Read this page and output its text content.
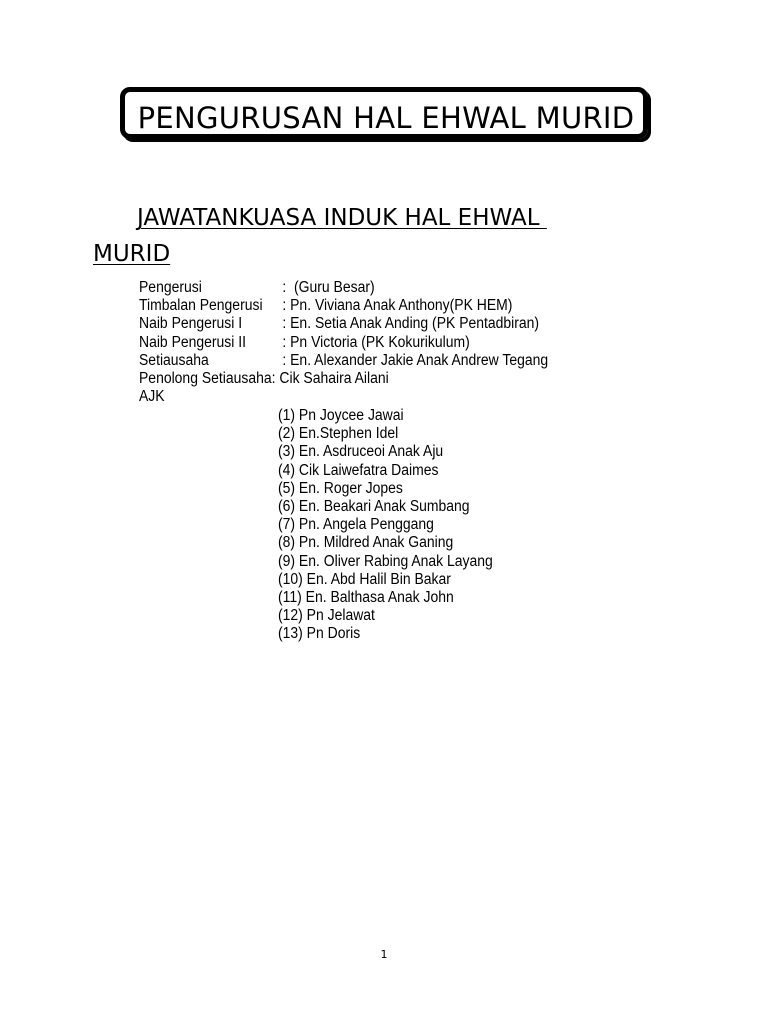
PENGURUSAN HAL EHWAL MURID
JAWATANKUASA INDUK HAL EHWAL
MURID
Pengerusi	: (Guru Besar)
Timbalan Pengerusi	: Pn. Viviana Anak Anthony(PK HEM)
Naib Pengerusi I	: En. Setia Anak Anding (PK Pentadbiran)
Naib Pengerusi II	: Pn Victoria (PK Kokurikulum)
Setiausaha	: En. Alexander Jakie Anak Andrew Tegang
Penolong Setiausaha : Cik Sahaira Ailani
AJK
(1) Pn Joycee Jawai
(2) En.Stephen Idel
(3) En. Asdruceoi Anak Aju
(4) Cik Laiwefatra Daimes
(5) En. Roger Jopes
(6) En. Beakari Anak Sumbang
(7) Pn. Angela Penggang
(8) Pn. Mildred Anak Ganing
(9) En. Oliver Rabing Anak Layang
(10) En. Abd Halil Bin Bakar
(11) En. Balthasa Anak John
(12) Pn Jelawat
(13) Pn Doris
1
